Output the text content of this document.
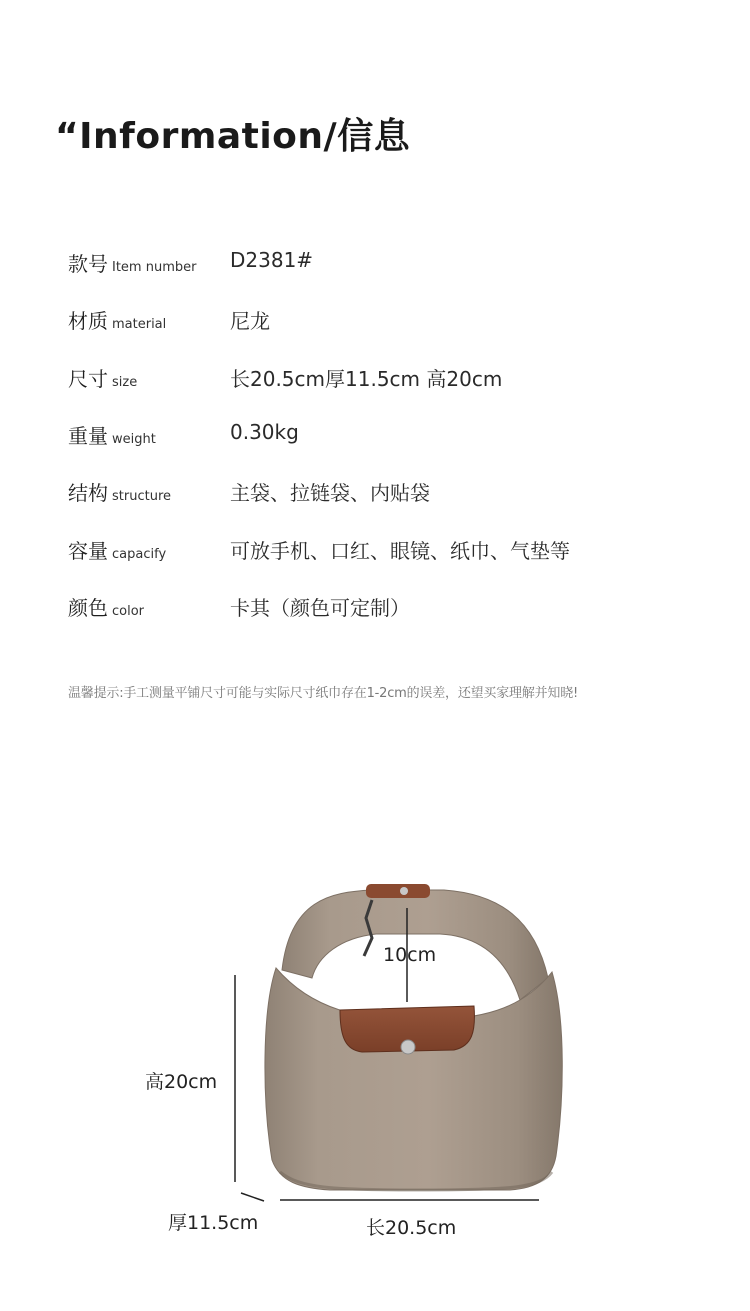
“Information/信息
款号 Item number D2381#
材质 material	尼龙
尺寸 size	长20.5cm厚11.5cm 高20cm
重量 weight	0.30kg
结构 structure	主袋、拉链袋、内贴袋
容量 capacify	可放手机、口红、眼镜、纸巾、气垫等
颜色 color	卡其（颜色可定制）
温馨提示:手工测量平铺尺寸可能与实际尺寸纸巾存在1-2cm的误差，还望买家理解并知晓!
10cm
高20cm
厚11.5cm	长20.5cm
